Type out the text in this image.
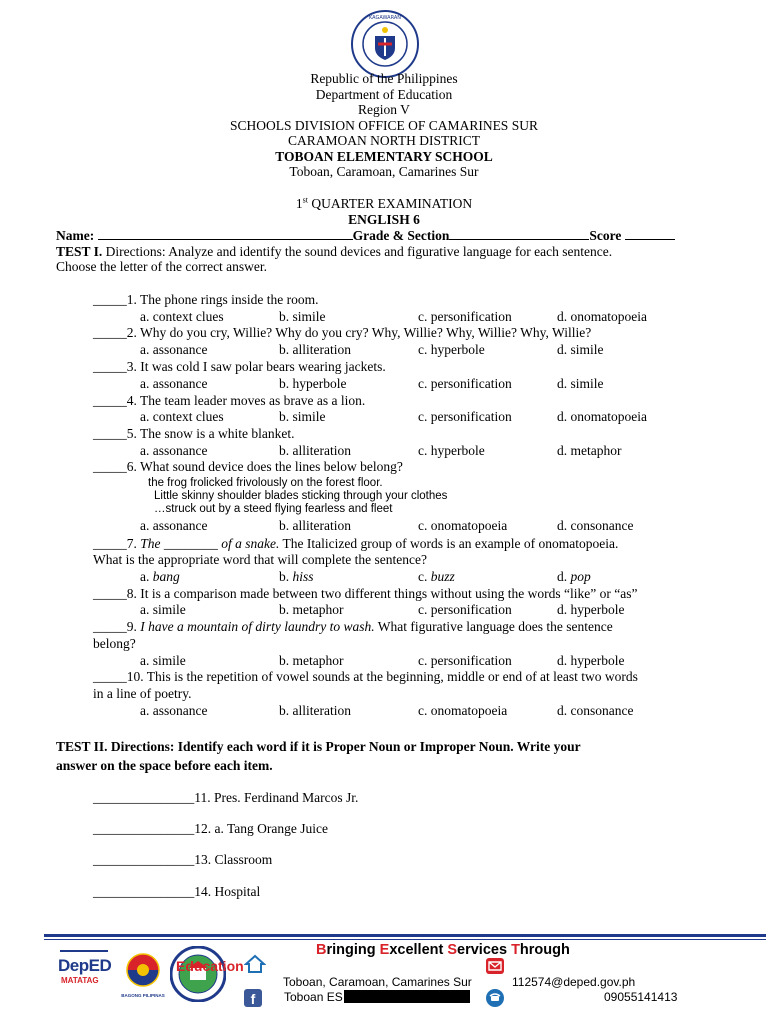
KAGAWARAN
Republic of the Philippines
Department of Education
Region V
SCHOOLS DIVISION OFFICE OF CAMARINES SUR
CARAMOAN NORTH DISTRICT
TOBOAN ELEMENTARY SCHOOL
Toboan, Caramoan, Camarines Sur
1st QUARTER EXAMINATION
ENGLISH 6
Name:	Grade & Section	Score
TEST I. Directions: Analyze and identify the sound devices and figurative language for each sentence.
Choose the letter of the correct answer.
_____1. The phone rings inside the room.
a. context clues	b. simile	c. personification	d. onomatopoeia
_____2. Why do you cry, Willie? Why do you cry? Why, Willie? Why, Willie? Why, Willie?
a. assonance	b. alliteration	c. hyperbole	d. simile
_____3. It was cold I saw polar bears wearing jackets.
a. assonance	b. hyperbole	c. personification	d. simile
_____4. The team leader moves as brave as a lion.
a. context clues	b. simile	c. personification	d. onomatopoeia
_____5. The snow is a white blanket.
a. assonance	b. alliteration	c. hyperbole	d. metaphor
_____6. What sound device does the lines below belong?
the frog frolicked frivolously on the forest floor.
Little skinny shoulder blades sticking through your clothes
…struck out by a steed flying fearless and fleet
a. assonance	b. alliteration	c. onomatopoeia	d. consonance
_____7. The ________ of a snake. The Italicized group of words is an example of onomatopoeia.
What is the appropriate word that will complete the sentence?
a. bang	b. hiss	c. buzz	d. pop
_____8. It is a comparison made between two different things without using the words “like” or “as”
a. simile	b. metaphor	c. personification	d. hyperbole
_____9. I have a mountain of dirty laundry to wash. What figurative language does the sentence
belong?
a. simile	b. metaphor	c. personification	d. hyperbole
_____10. This is the repetition of vowel sounds at the beginning, middle or end of at least two words
in a line of poetry.
a. assonance	b. alliteration	c. onomatopoeia	d. consonance
TEST II. Directions: Identify each word if it is Proper Noun or Improper Noun. Write your
answer on the space before each item.
_______________11. Pres. Ferdinand Marcos Jr.
_______________12. a. Tang Orange Juice
_______________13. Classroom
_______________14. Hospital
Bringing Excellent Services Through
DepED
MATATAG
BAGONG PILIPINAS
Education
f
Toboan, Caramoan, Camarines Sur
Toboan ES
112574@deped.gov.ph
09055141413
